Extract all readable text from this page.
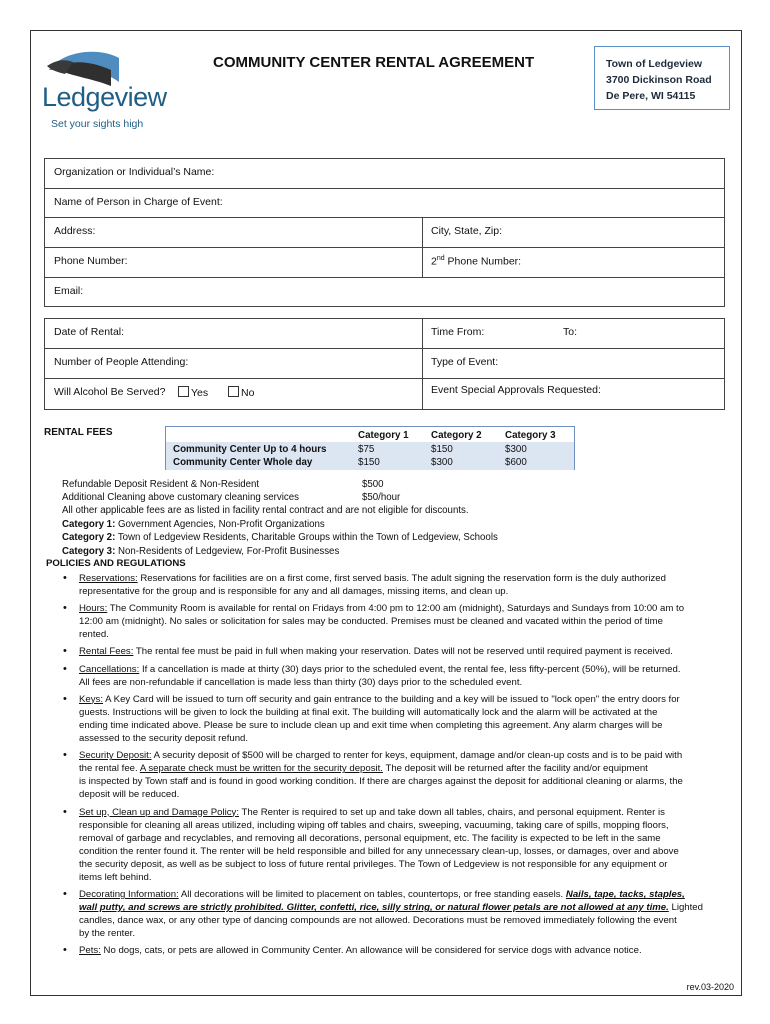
Ledgeview
Set your sights high
COMMUNITY CENTER RENTAL AGREEMENT	Town of Ledgeview
3700 Dickinson Road
De Pere, WI 54115
Organization or Individual’s Name:
Name of Person in Charge of Event:
Address:	City, State, Zip:
Phone Number:	2nd Phone Number:
Email:
Date of Rental:	Time From:	To:
Number of People Attending:	Type of Event:
Will Alcohol Be Served?	Yes	No	Event Special Approvals Requested:
RENTAL FEES	Category 1 Category 2 Category 3
Community Center Up to 4 hours	$75	$150	$300
Community Center Whole day	$150	$300	$600
Refundable Deposit Resident & Non-Resident	$500
Additional Cleaning above customary cleaning services	$50/hour
All other applicable fees are as listed in facility rental contract and are not eligible for discounts.
Category 1: Government Agencies, Non-Profit Organizations
Category 2: Town of Ledgeview Residents, Charitable Groups within the Town of Ledgeview, Schools
Category 3: Non-Residents of Ledgeview, For-Profit Businesses
POLICIES AND REGULATIONS
• Reservations: Reservations for facilities are on a first come, first served basis. The adult signing the reservation form is the duly authorized
representative for the group and is responsible for any and all damages, missing items, and clean up.
• Hours: The Community Room is available for rental on Fridays from 4:00 pm to 12:00 am (midnight), Saturdays and Sundays from 10:00 am to
12:00 am (midnight). No sales or solicitation for sales may be conducted. Premises must be cleaned and vacated within the period of time
rented.
• Rental Fees: The rental fee must be paid in full when making your reservation. Dates will not be reserved until required payment is received.
• Cancellations: If a cancellation is made at thirty (30) days prior to the scheduled event, the rental fee, less fifty-percent (50%), will be returned.
All fees are non-refundable if cancellation is made less than thirty (30) days prior to the scheduled event.
• Keys: A Key Card will be issued to turn off security and gain entrance to the building and a key will be issued to "lock open" the entry doors for
guests. Instructions will be given to lock the building at final exit. The building will automatically lock and the alarm will be activated at the
ending time indicated above. Please be sure to include clean up and exit time when completing this agreement. Any alarm charges will be
assessed to the security deposit refund.
• Security Deposit: A security deposit of $500 will be charged to renter for keys, equipment, damage and/or clean-up costs and is to be paid with
the rental fee. A separate check must be written for the security deposit. The deposit will be returned after the facility and/or equipment
is inspected by Town staff and is found in good working condition. If there are charges against the deposit for additional cleaning or alarms, the
deposit will be reduced.
• Set up, Clean up and Damage Policy: The Renter is required to set up and take down all tables, chairs, and personal equipment. Renter is
responsible for cleaning all areas utilized, including wiping off tables and chairs, sweeping, vacuuming, taking care of spills, mopping floors,
removal of garbage and recyclables, and removing all decorations, personal equipment, etc. The facility is expected to be left in the same
condition the renter found it. The renter will be held responsible and billed for any unnecessary clean-up, losses, or damages, over and above
the security deposit, as well as be subject to loss of future rental privileges. The Town of Ledgeview is not responsible for any equipment or
items left behind.
• Decorating Information: All decorations will be limited to placement on tables, countertops, or free standing easels. Nails, tape, tacks, staples,
wall putty, and screws are strictly prohibited. Glitter, confetti, rice, silly string, or natural flower petals are not allowed at any time. Lighted
candles, dance wax, or any other type of dancing compounds are not allowed. Decorations must be removed immediately following the event
by the renter.
• Pets: No dogs, cats, or pets are allowed in Community Center. An allowance will be considered for service dogs with advance notice.
rev.03-2020
